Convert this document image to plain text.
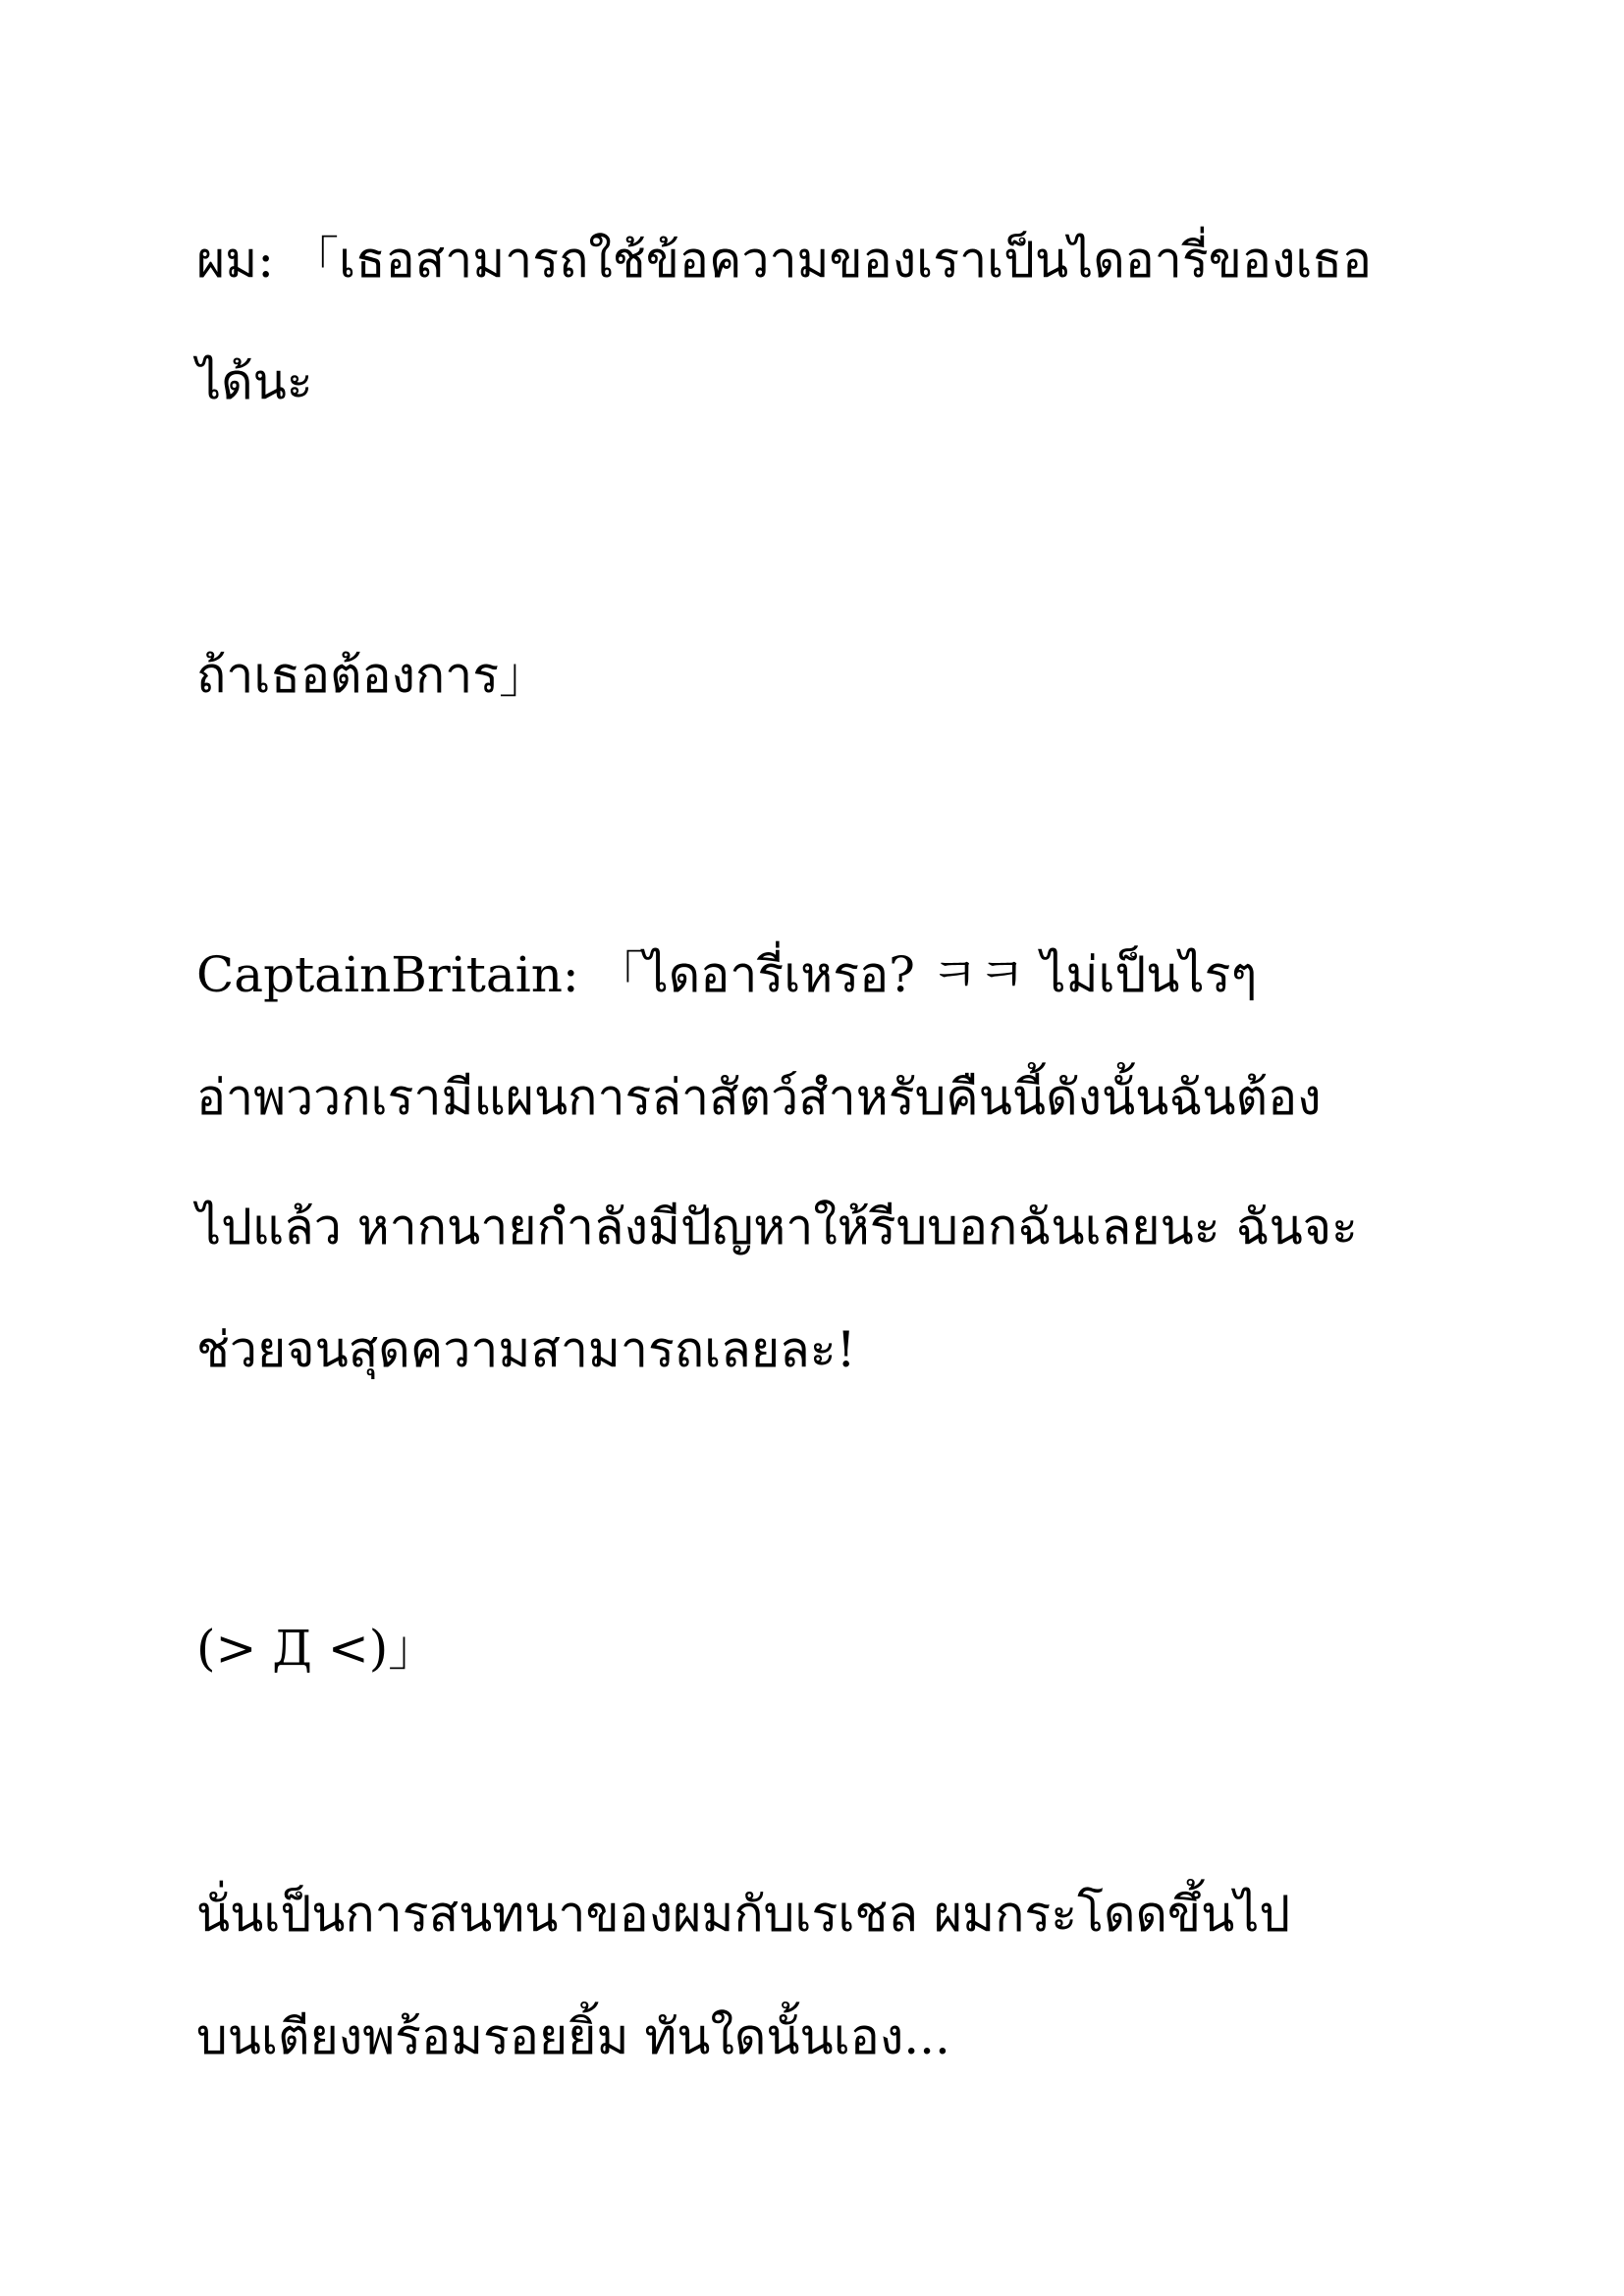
ผม: 「เธอสามารถใช้ข้อความของเราเป็นไดอารี่ของเธอ

ได้นะ

ถ้าเธอต้องการ」

CaptainBritain: 「ไดอารี่เหรอ? ㅋㅋ ไม่เป็นไรๆ

อ่าพววกเรามีแผนการล่าสัตว์สำหรับคืนนี้ดังนั้นฉันต้อง

ไปแล้ว หากนายกำลังมีปัญหาให้รีบบอกฉันเลยนะ ฉันจะ

ช่วยจนสุดความสามารถเลยละ!

(> Д <)」

นั่นเป็นการสนทนาของผมกับเรเชล ผมกระโดดขึ้นไป

บนเตียงพร้อมรอยยิ้ม ทันใดนั้นเอง...
